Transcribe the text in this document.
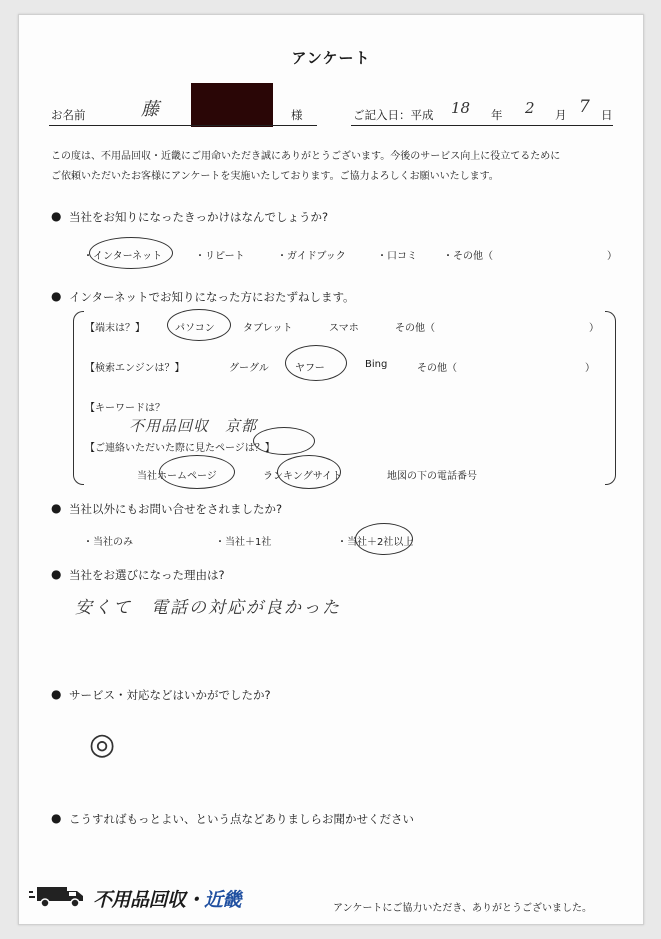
アンケート
お名前	藤	様	ご記入日：平成 18 年 2 月 7 日
この度は、不用品回収・近畿にご用命いただき誠にありがとうございます。今後のサービス向上に役立てるために
ご依頼いただいたお客様にアンケートを実施いたしております。ご協力よろしくお願いいたします。
● 当社をお知りになったきっかけはなんでしょうか?
・インターネット	・リピート	・ガイドブック	・口コミ	・その他（	）
● インターネットでお知りになった方におたずねします。
【端末は？】	パソコン	タブレット	スマホ	その他（	）
【検索エンジンは？】	グーグル	ヤフー	Bing	その他（	）
【キーワードは？
不用品回収　京都
【ご連絡いただいた際に見たページは？】
当社ホームページ	ランキングサイト	地図の下の電話番号
● 当社以外にもお問い合せをされましたか?
・当社のみ	・当社＋1社	・当社＋2社以上
● 当社をお選びになった理由は?
安くて　電話の対応が良かった
● サービス・対応などはいかがでしたか?
◎
● こうすればもっとよい、という点などありましらお聞かせください
不用品回収・近畿	アンケートにご協力いただき、ありがとうございました。
